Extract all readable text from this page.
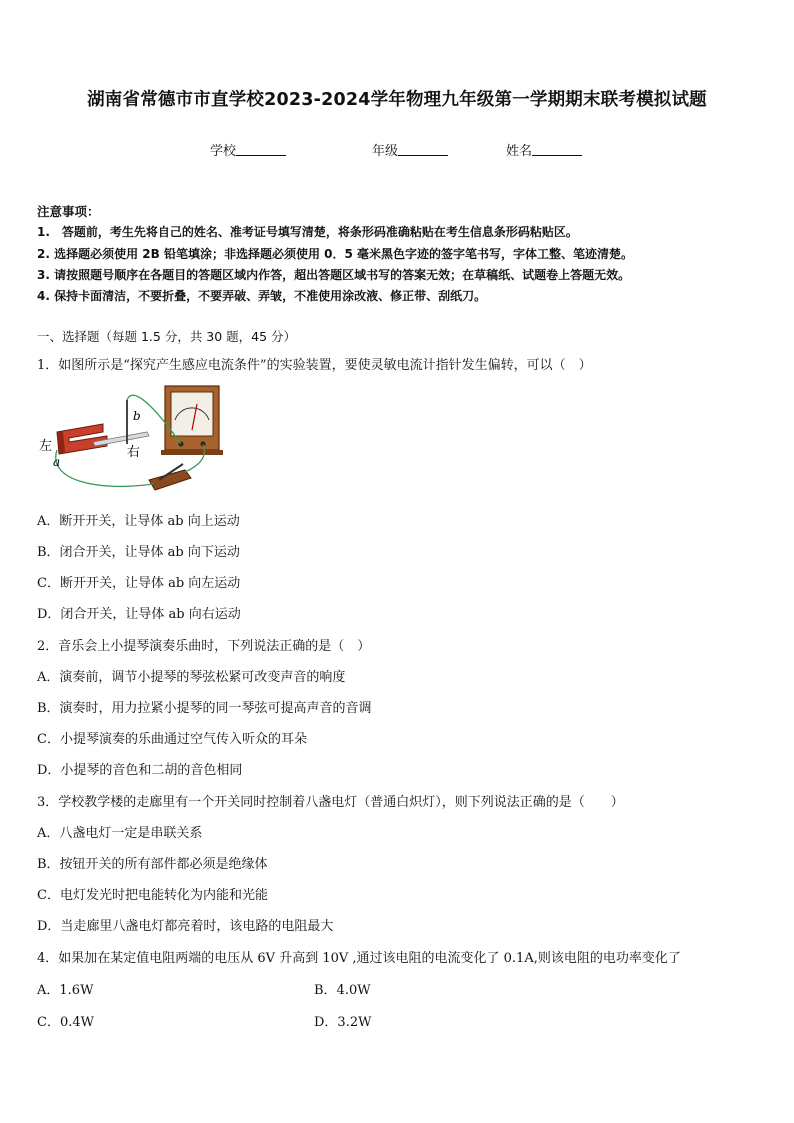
湖南省常德市市直学校2023-2024学年物理九年级第一学期期末联考模拟试题
学校	年级	姓名
注意事项：
1.　答题前，考生先将自己的姓名、准考证号填写清楚，将条形码准确粘贴在考生信息条形码粘贴区。
2. 选择题必须使用 2B 铅笔填涂；非选择题必须使用 0．5 毫米黑色字迹的签字笔书写，字体工整、笔迹清楚。
3. 请按照题号顺序在各题目的答题区域内作答，超出答题区域书写的答案无效；在草稿纸、试题卷上答题无效。
4. 保持卡面清洁，不要折叠，不要弄破、弄皱，不准使用涂改液、修正带、刮纸刀。
一、选择题（每题 1.5 分，共 30 题，45 分）
1．如图所示是“探究产生感应电流条件”的实验装置，要使灵敏电流计指针发生偏转，可以（　）
左	右
a
b
A．断开开关，让导体 ab 向上运动
B．闭合开关，让导体 ab 向下运动
C．断开开关，让导体 ab 向左运动
D．闭合开关，让导体 ab 向右运动
2．音乐会上小提琴演奏乐曲时，下列说法正确的是（　）
A．演奏前，调节小提琴的琴弦松紧可改变声音的响度
B．演奏时，用力拉紧小提琴的同一琴弦可提高声音的音调
C．小提琴演奏的乐曲通过空气传入听众的耳朵
D．小提琴的音色和二胡的音色相同
3．学校教学楼的走廊里有一个开关同时控制着八盏电灯（普通白炽灯），则下列说法正确的是（　　）
A．八盏电灯一定是串联关系
B．按钮开关的所有部件都必须是绝缘体
C．电灯发光时把电能转化为内能和光能
D．当走廊里八盏电灯都亮着时，该电路的电阻最大
4．如果加在某定值电阻两端的电压从 6V 升高到 10V ,通过该电阻的电流变化了 0.1A,则该电阻的电功率变化了
A．1.6W	B．4.0W
C．0.4W	D．3.2W
